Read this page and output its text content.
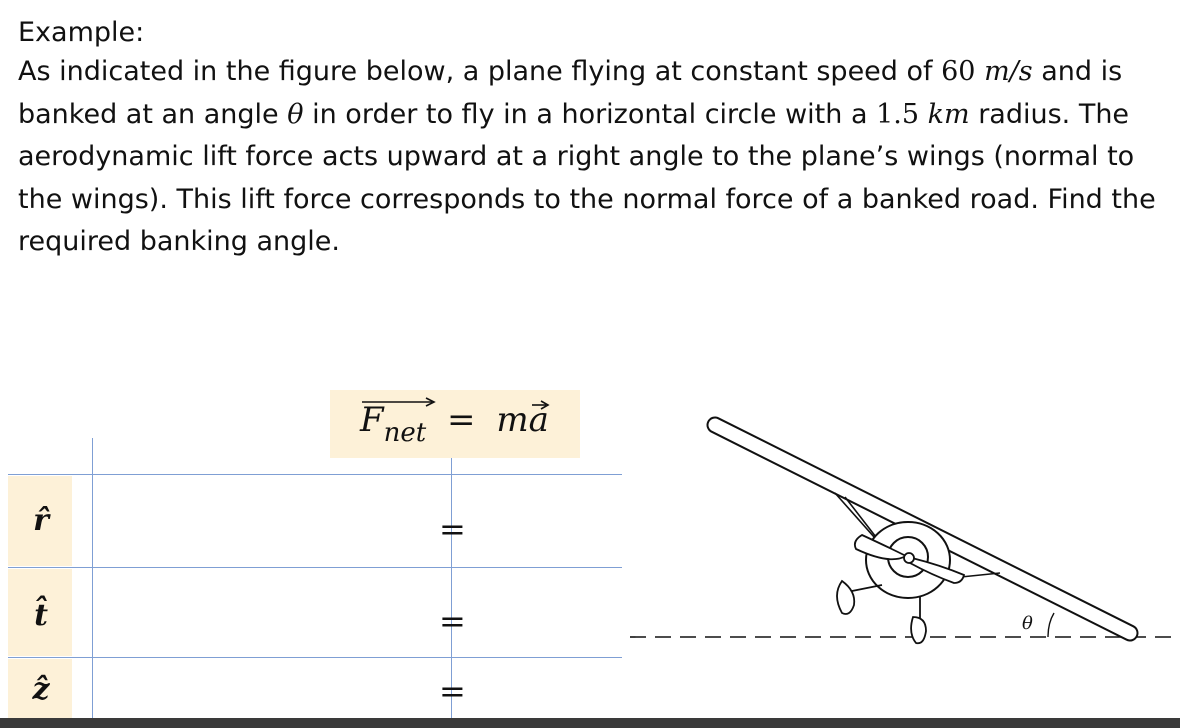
Example:

As indicated in the figure below, a plane flying at constant speed of 60 m/s and is banked at an angle θ in order to fly in a horizontal circle with a 1.5 km radius. The aerodynamic lift force acts upward at a right angle to the plane’s wings (normal to the wings). This lift force corresponds to the normal force of a banked road. Find the required banking angle.

$F_{net}$ = ma
r̂
t̂
ẑ
=
=
=
θ
